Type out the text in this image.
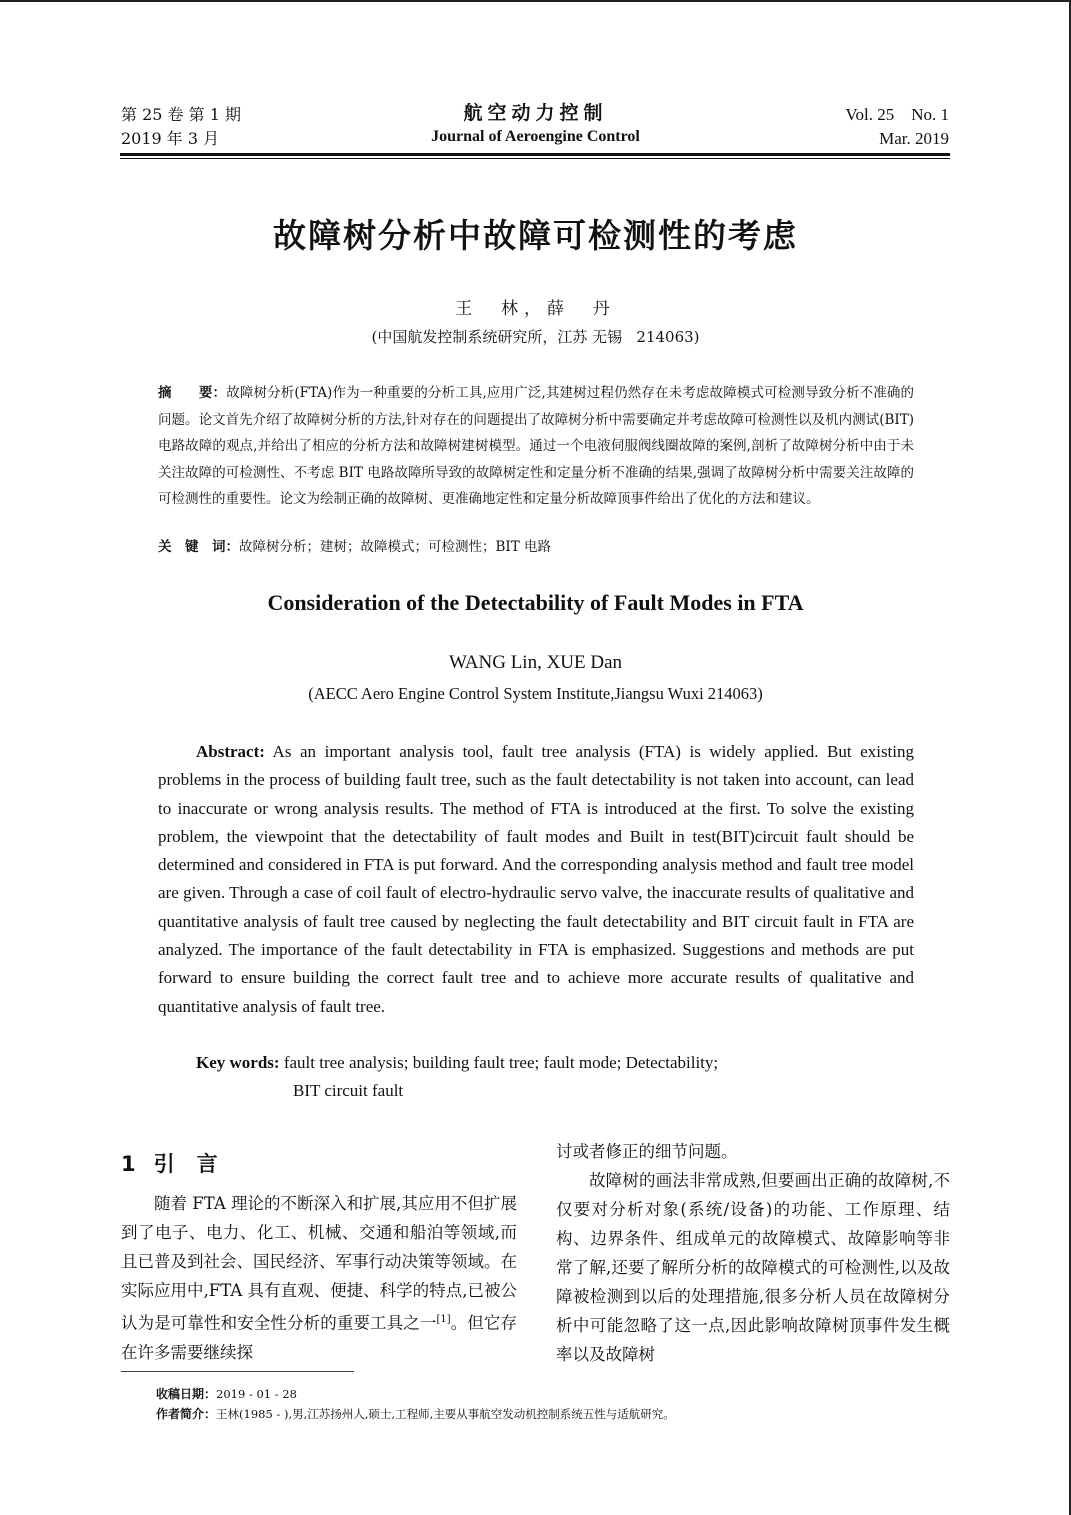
第 25 卷 第 1 期
2019 年 3 月
航空动力控制
Journal of Aeroengine Control
Vol. 25    No. 1
Mar. 2019
故障树分析中故障可检测性的考虑
王  林，薛  丹
(中国航发控制系统研究所，江苏 无锡   214063)
摘　　要：故障树分析(FTA)作为一种重要的分析工具,应用广泛,其建树过程仍然存在未考虑故障模式可检测导致分析不准确的问题。论文首先介绍了故障树分析的方法,针对存在的问题提出了故障树分析中需要确定并考虑故障可检测性以及机内测试(BIT)电路故障的观点,并给出了相应的分析方法和故障树建树模型。通过一个电液伺服阀线圈故障的案例,剖析了故障树分析中由于未关注故障的可检测性、不考虑 BIT 电路故障所导致的故障树定性和定量分析不准确的结果,强调了故障树分析中需要关注故障的可检测性的重要性。论文为绘制正确的故障树、更准确地定性和定量分析故障顶事件给出了优化的方法和建议。
关　键　词：故障树分析；建树；故障模式；可检测性；BIT 电路
Consideration of the Detectability of Fault Modes in FTA
WANG Lin, XUE Dan
(AECC Aero Engine Control System Institute,Jiangsu Wuxi 214063)
Abstract: As an important analysis tool, fault tree analysis (FTA) is widely applied. But existing problems in the process of building fault tree, such as the fault detectability is not taken into account, can lead to inaccurate or wrong analysis results. The method of FTA is introduced at the first. To solve the existing problem, the viewpoint that the detectability of fault modes and Built in test(BIT)circuit fault should be determined and considered in FTA is put forward. And the corresponding analysis method and fault tree model are given. Through a case of coil fault of electro-hydraulic servo valve, the inaccurate results of qualitative and quantitative analysis of fault tree caused by neglecting the fault detectability and BIT circuit fault in FTA are analyzed. The importance of the fault detectability in FTA is emphasized. Suggestions and methods are put forward to ensure building the correct fault tree and to achieve more accurate results of qualitative and quantitative analysis of fault tree.
Key words: fault tree analysis; building fault tree; fault mode; Detectability;
BIT circuit fault
1 引言

随着 FTA 理论的不断深入和扩展,其应用不但扩展到了电子、电力、化工、机械、交通和船泊等领域,而且已普及到社会、国民经济、军事行动决策等领域。在实际应用中,FTA 具有直观、便捷、科学的特点,已被公认为是可靠性和安全性分析的重要工具之一[1]。但它存在许多需要继续探

讨或者修正的细节问题。

故障树的画法非常成熟,但要画出正确的故障树,不仅要对分析对象(系统/设备)的功能、工作原理、结构、边界条件、组成单元的故障模式、故障影响等非常了解,还要了解所分析的故障模式的可检测性,以及故障被检测到以后的处理措施,很多分析人员在故障树分析中可能忽略了这一点,因此影响故障树顶事件发生概率以及故障树

收稿日期：2019 - 01 - 28
作者简介：王林(1985 - ),男,江苏扬州人,硕士,工程师,主要从事航空发动机控制系统五性与适航研究。
